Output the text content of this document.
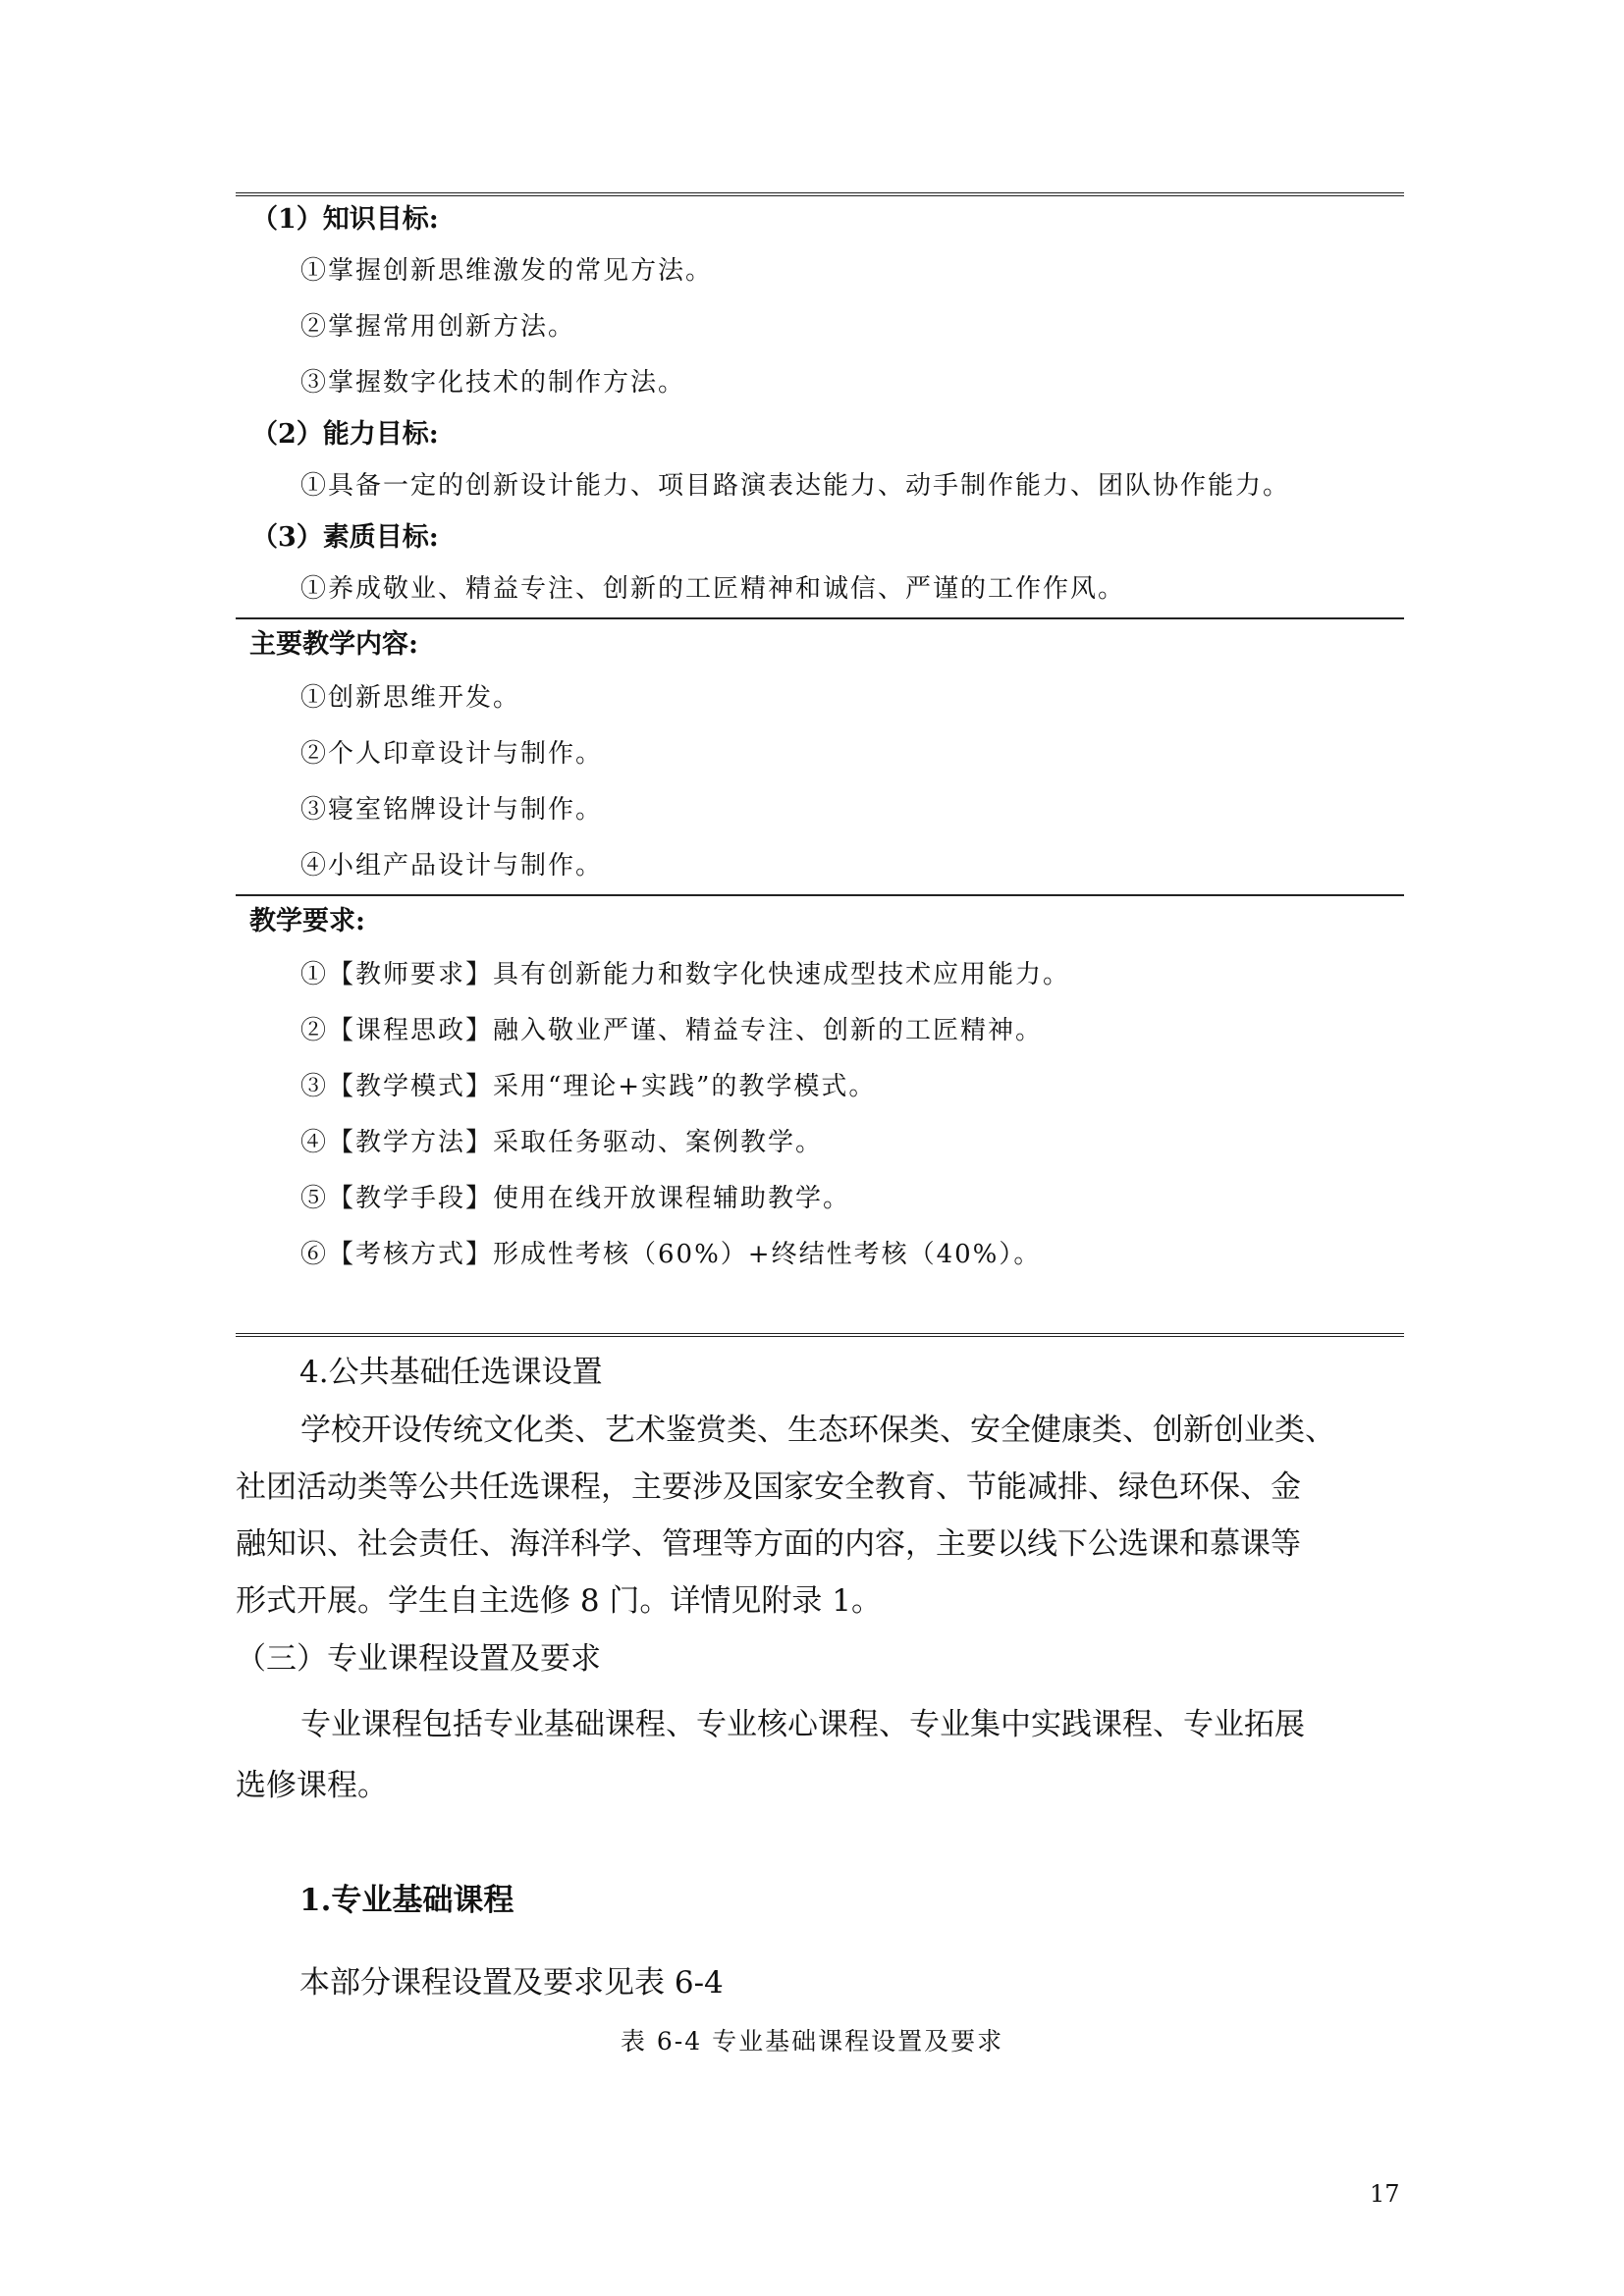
（1）知识目标:
①掌握创新思维激发的常见方法。
②掌握常用创新方法。
③掌握数字化技术的制作方法。
（2）能力目标:
①具备一定的创新设计能力、项目路演表达能力、动手制作能力、团队协作能力。
（3）素质目标:
①养成敬业、精益专注、创新的工匠精神和诚信、严谨的工作作风。
主要教学内容:
①创新思维开发。
②个人印章设计与制作。
③寝室铭牌设计与制作。
④小组产品设计与制作。
教学要求:
①【教师要求】具有创新能力和数字化快速成型技术应用能力。
②【课程思政】融入敬业严谨、精益专注、创新的工匠精神。
③【教学模式】采用“理论+实践”的教学模式。
④【教学方法】采取任务驱动、案例教学。
⑤【教学手段】使用在线开放课程辅助教学。
⑥【考核方式】形成性考核（60%）+终结性考核（40%）。
4.公共基础任选课设置
学校开设传统文化类、艺术鉴赏类、生态环保类、安全健康类、创新创业类、
社团活动类等公共任选课程，主要涉及国家安全教育、节能减排、绿色环保、金
融知识、社会责任、海洋科学、管理等方面的内容，主要以线下公选课和慕课等
形式开展。学生自主选修 8 门。详情见附录 1。
（三）专业课程设置及要求
专业课程包括专业基础课程、专业核心课程、专业集中实践课程、专业拓展
选修课程。
1.专业基础课程
本部分课程设置及要求见表 6-4
表 6-4 专业基础课程设置及要求
17
